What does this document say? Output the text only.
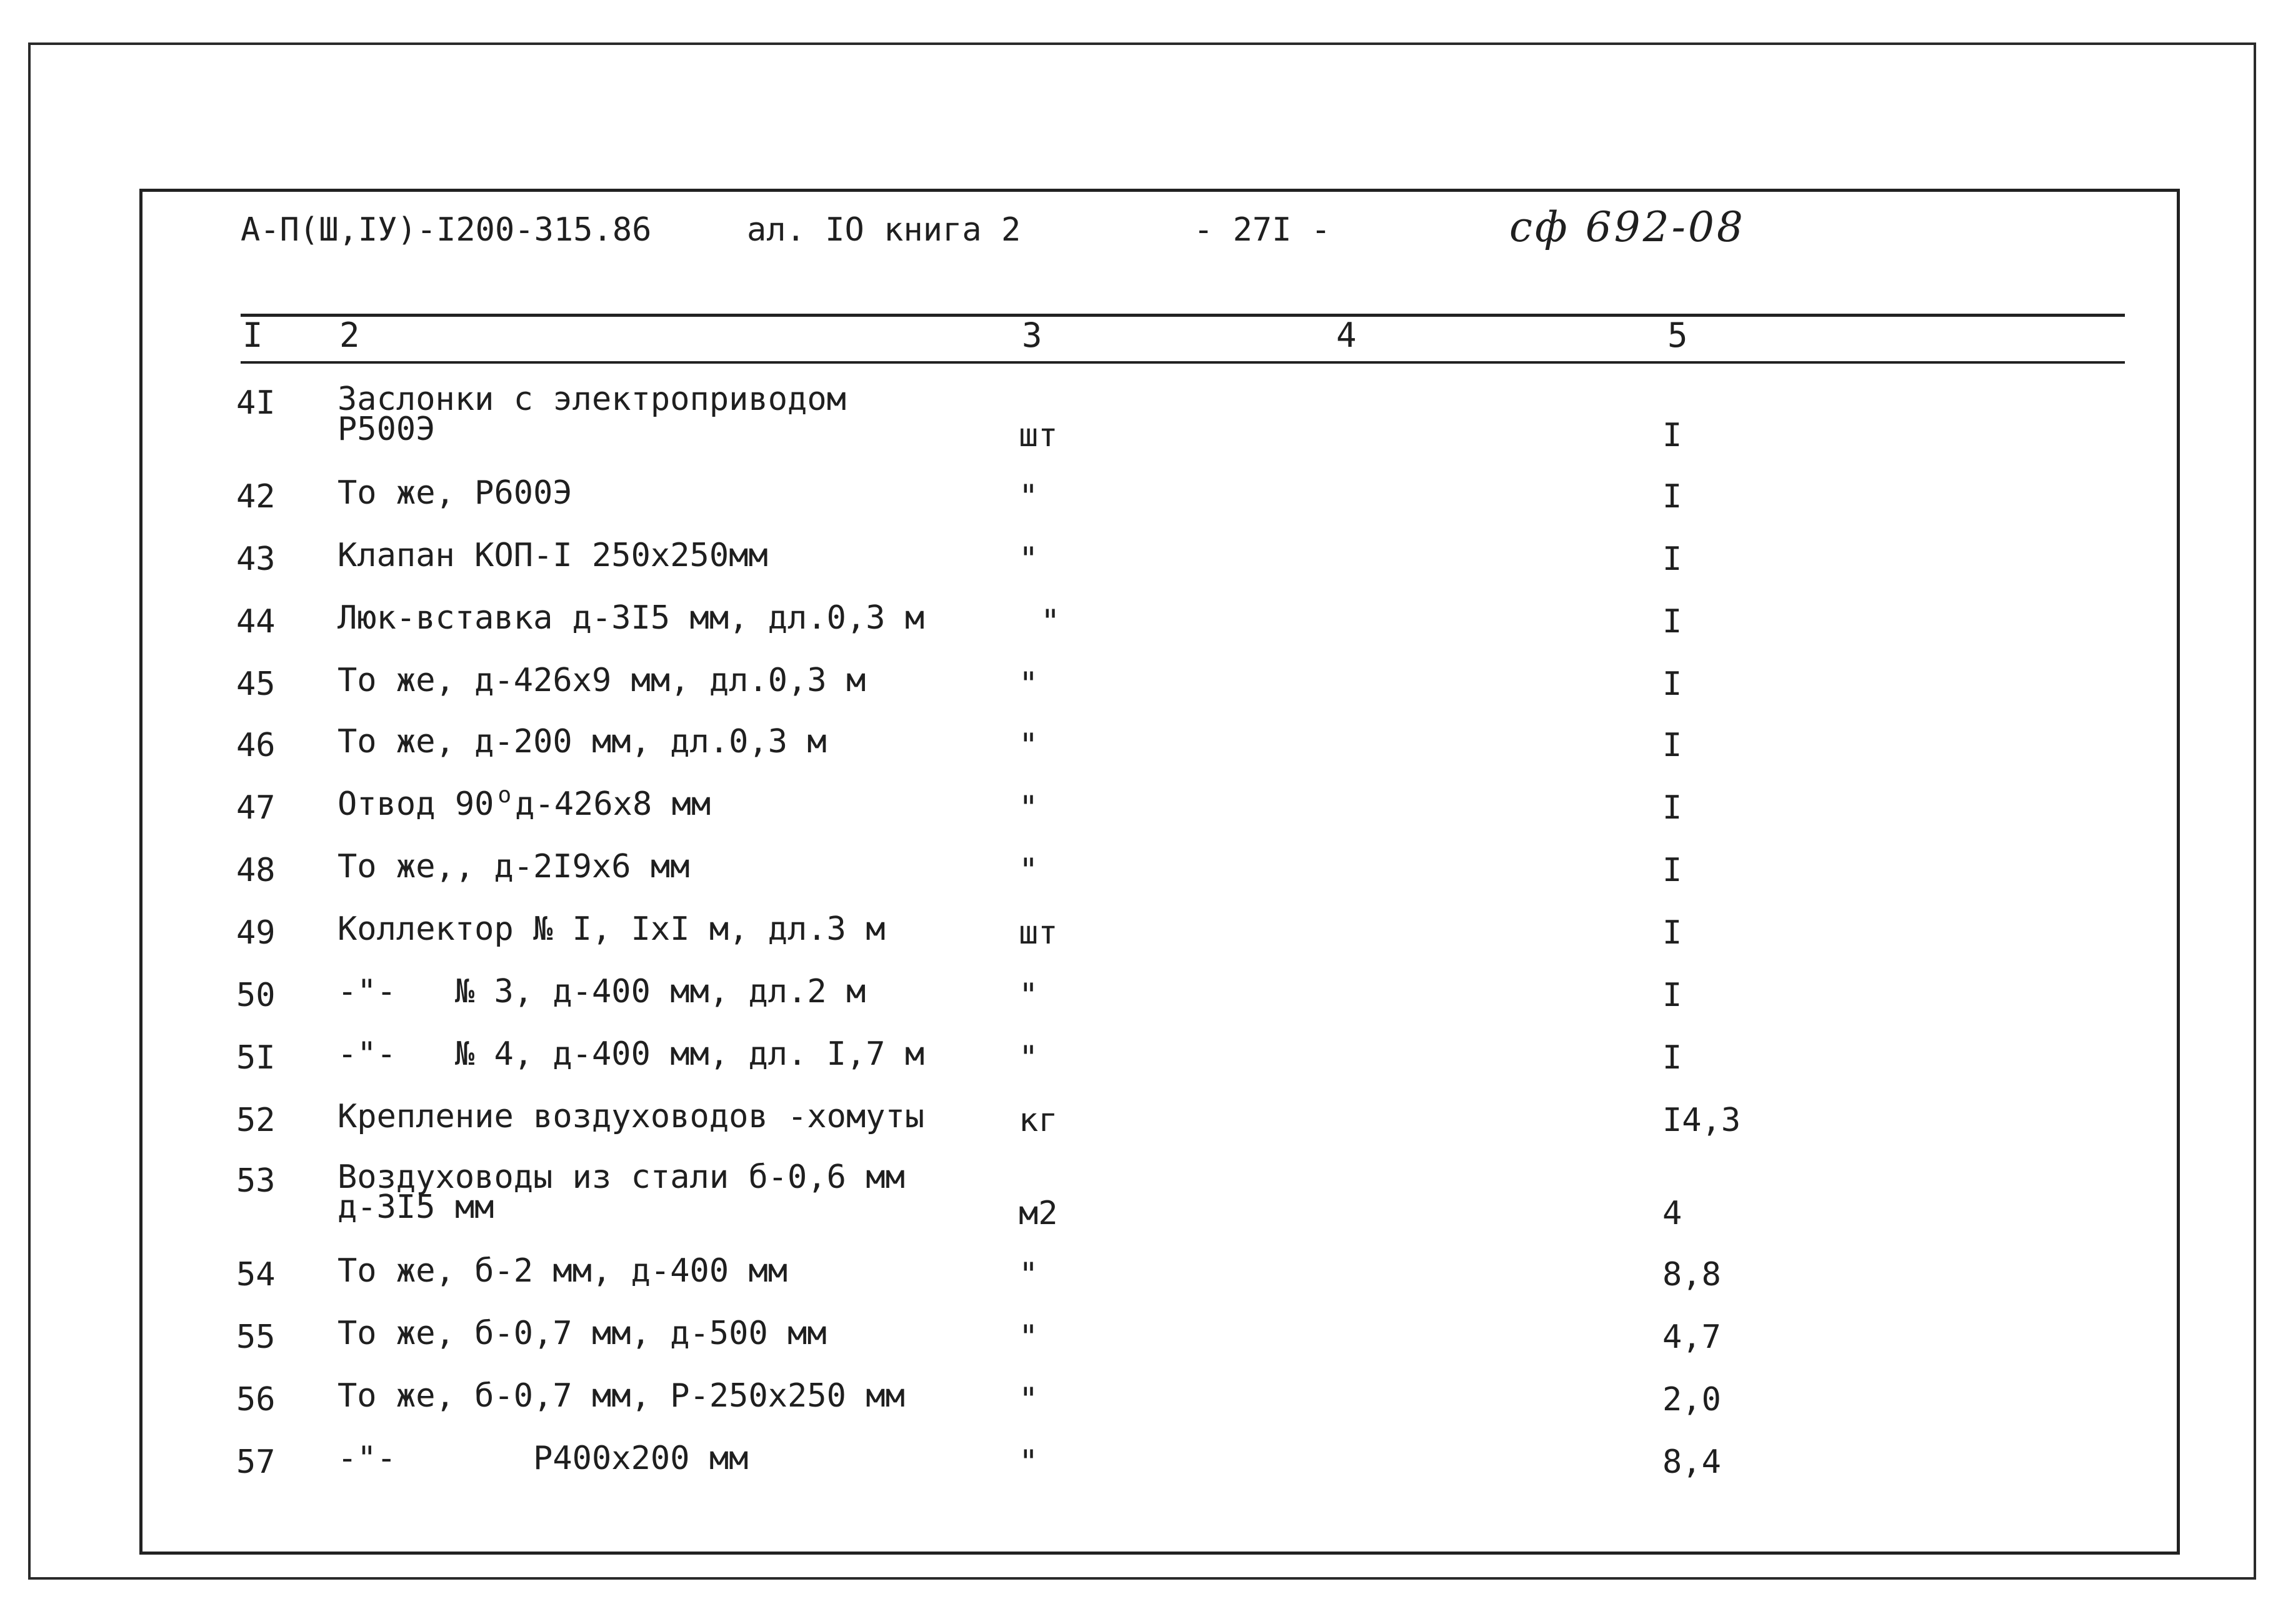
А-П(Ш,IУ)-I200-315.86	ал. IО книга 2	- 27I -	сф 692-08
I 2	3	4	5
4I Заслонки с электроприводом
Р500Э	шт	I
42 То же, Р600Э	"	I
43 Клапан КОП-I 250х250мм	"	I
44 Люк-вставка д-3I5 мм, дл.0,3 м	"	I
45 То же, д-426х9 мм, дл.0,3 м	"	I
46 То же, д-200 мм, дл.0,3 м	"	I
47 Отвод 90 $^о$ д-426х8 мм	"	I
48 То же,, д-2I9х6 мм	"	I
49 Коллектор № I, IхI м, дл.3 м	шт	I
50 -"-   № 3, д-400 мм, дл.2 м	"	I
5I -"-   № 4, д-400 мм, дл. I,7 м	"	I
52 Крепление воздуховодов -хомуты	кг	I4,3
53 Воздуховоды из стали б-0,6 мм
д-3I5 мм	м2	4
54 То же, б-2 мм, д-400 мм	"	8,8
55 То же, б-0,7 мм, д-500 мм	"	4,7
56 То же, б-0,7 мм, Р-250х250 мм	"	2,0
57 -"-       Р400х200 мм	"	8,4
